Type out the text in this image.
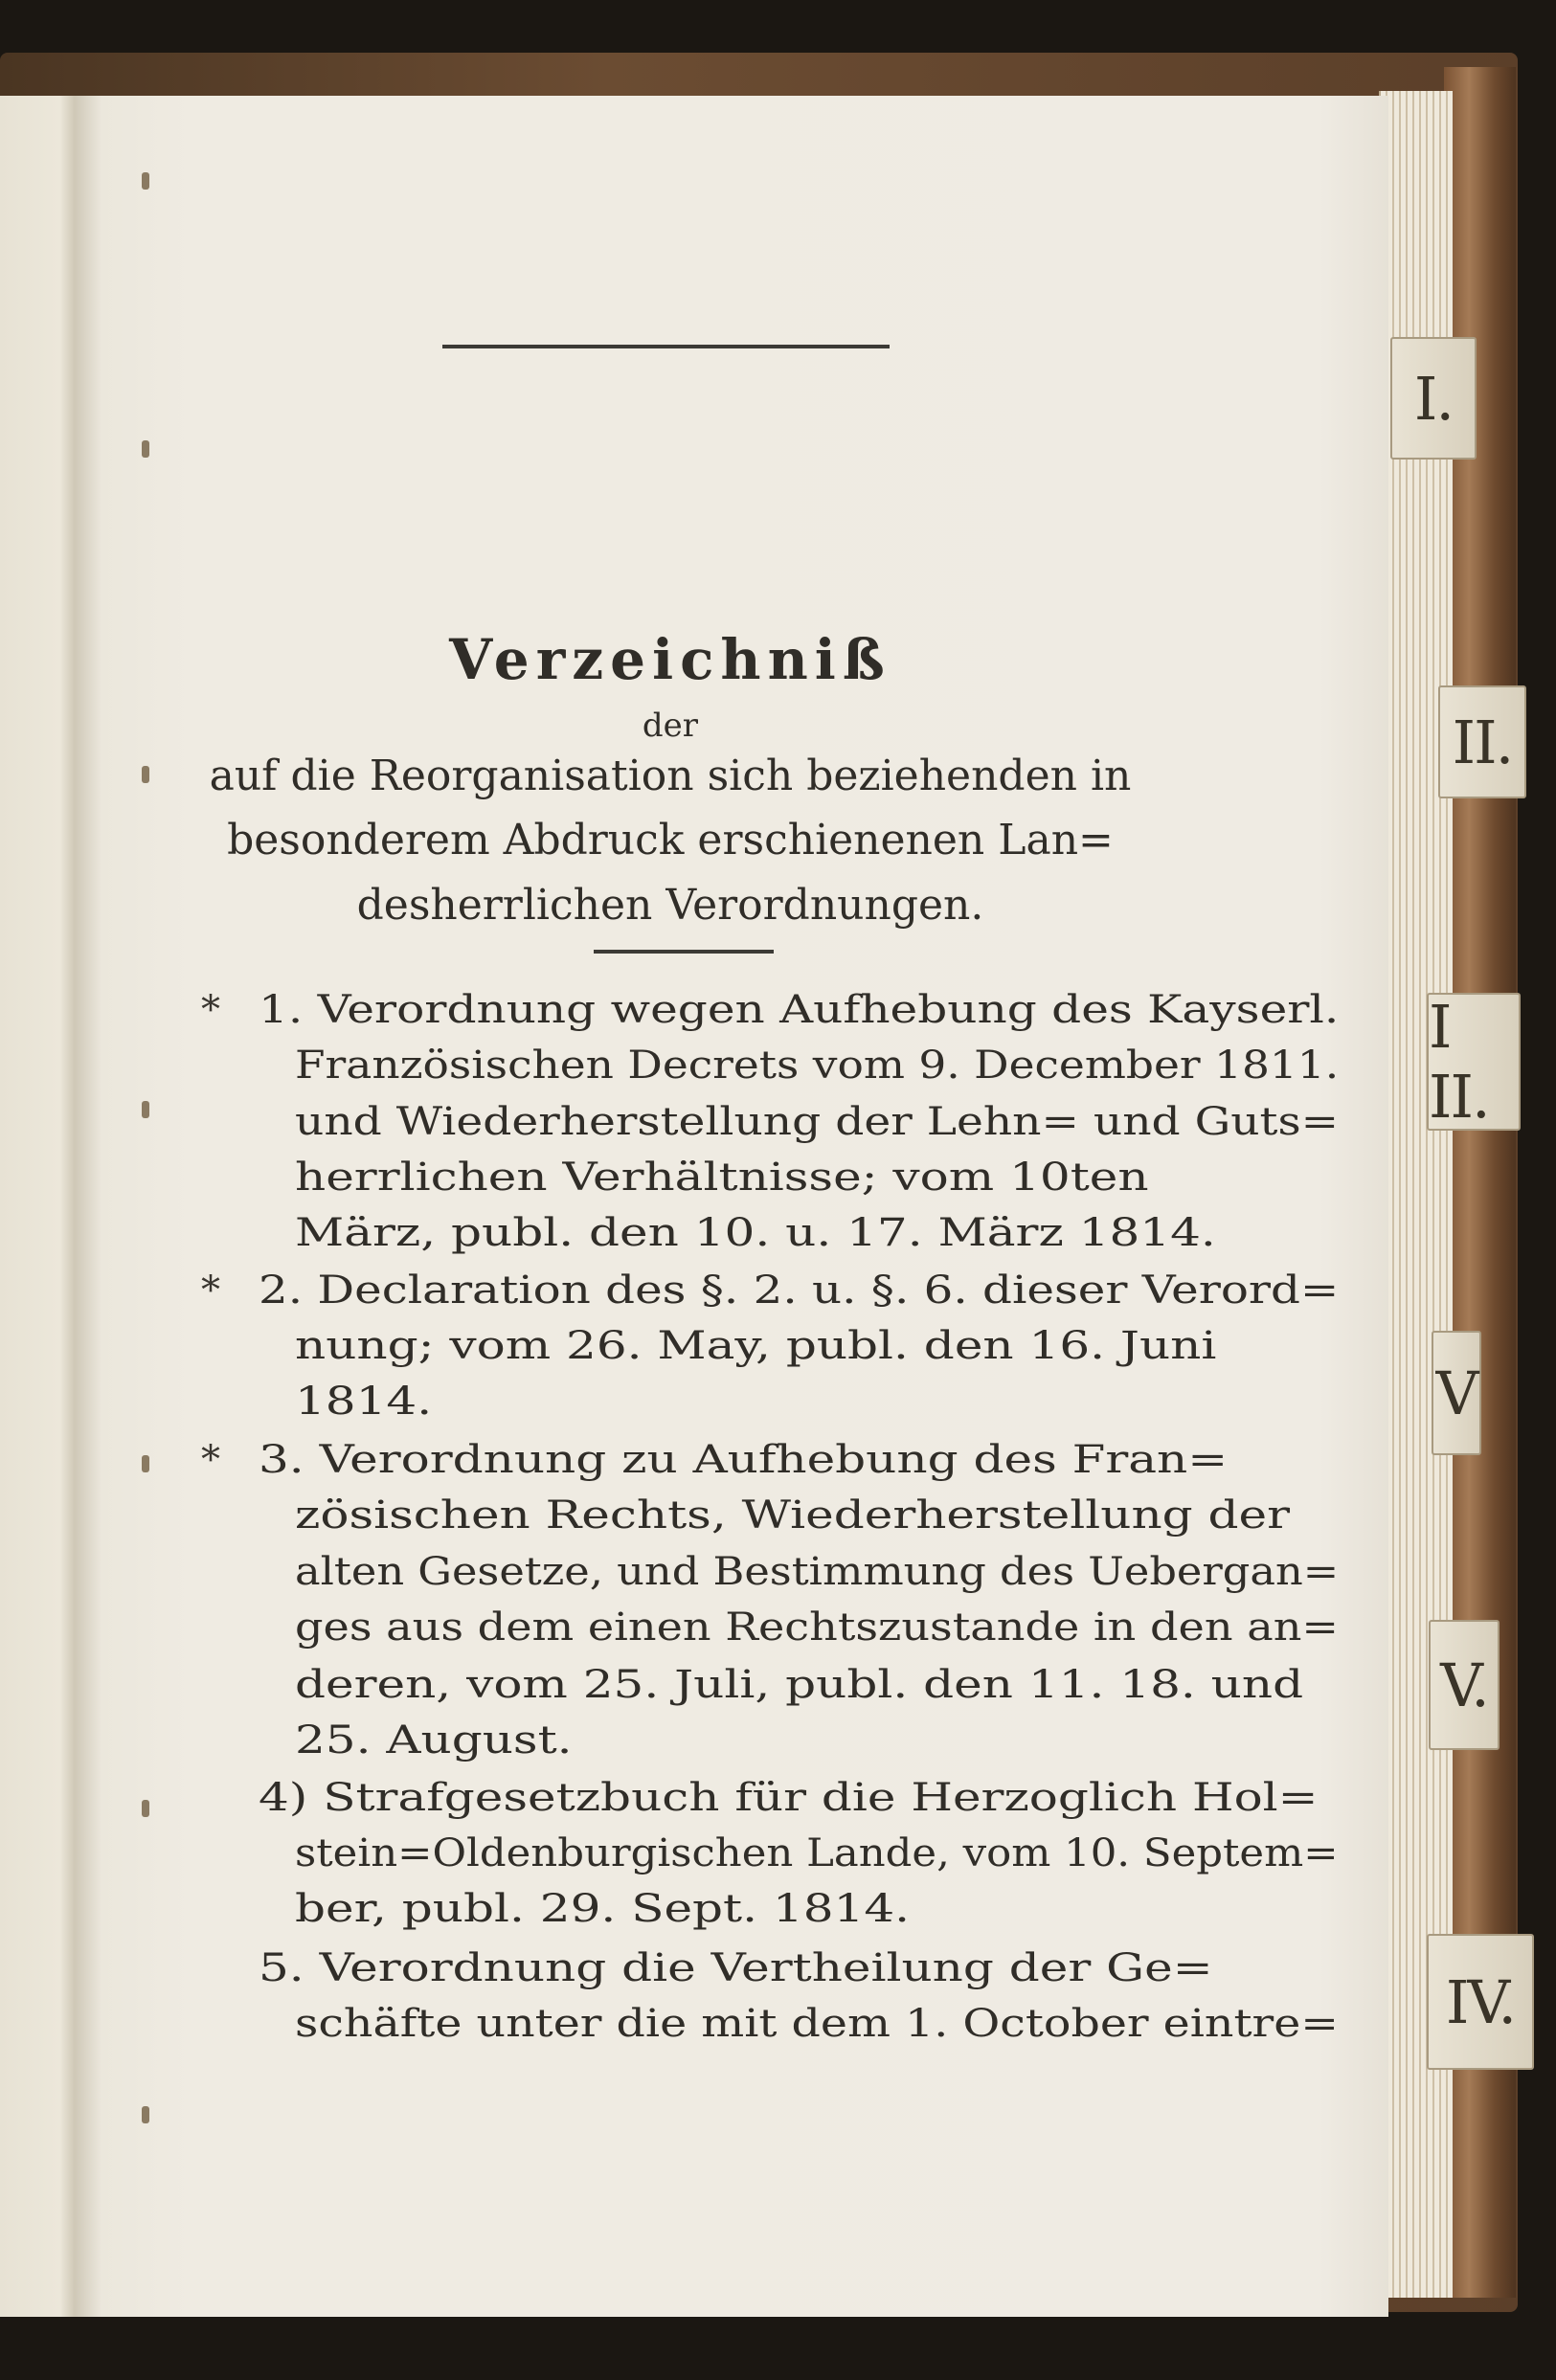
I.
II.
I II.
V
V.
IV.
Verzeichniß
der
auf die Reorganisation sich beziehenden in
besonderem Abdruck erschienenen Lan=
desherrlichen Verordnungen.
* 1. Verordnung wegen Aufhebung des Kayserl.
Französischen Decrets vom 9. December 1811.
und Wiederherstellung der Lehn= und Guts=
herrlichen Verhältnisse; vom 10ten
März, publ. den 10. u. 17. März 1814.
* 2. Declaration des §. 2. u. §. 6. dieser Verord=
nung; vom 26. May, publ. den 16. Juni
1814.
* 3. Verordnung zu Aufhebung des Fran=
zösischen Rechts, Wiederherstellung der
alten Gesetze, und Bestimmung des Uebergan=
ges aus dem einen Rechtszustande in den an=
deren, vom 25. Juli, publ. den 11. 18. und
25. August.
4) Strafgesetzbuch für die Herzoglich Hol=
stein=Oldenburgischen Lande, vom 10. Septem=
ber, publ. 29. Sept. 1814.
5. Verordnung die Vertheilung der Ge=
schäfte unter die mit dem 1. October eintre=
